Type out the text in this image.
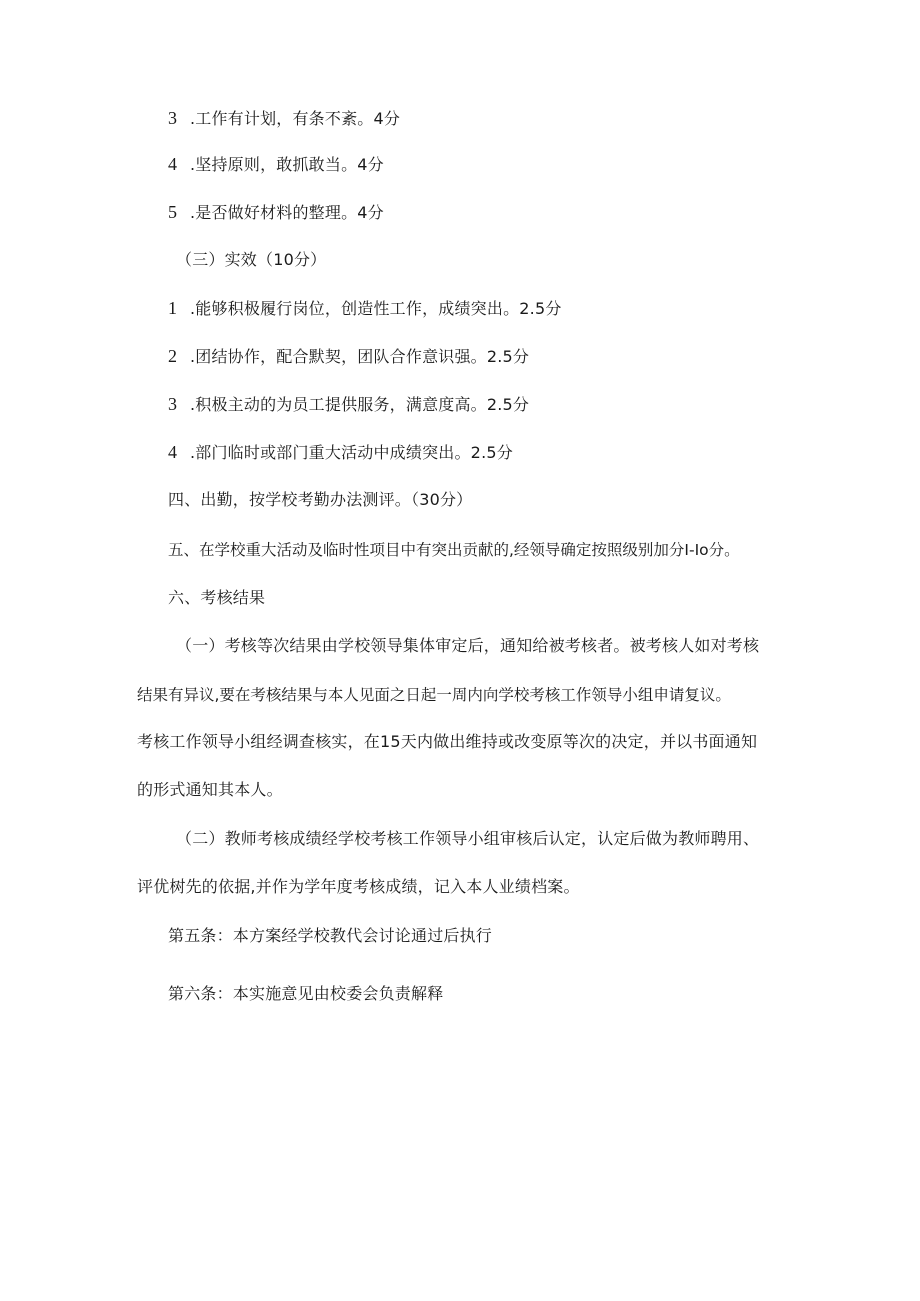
3 .工作有计划，有条不紊。4分
4 .坚持原则，敢抓敢当。4分
5 .是否做好材料的整理。4分
（三）实效（10分）
1 .能够积极履行岗位，创造性工作，成绩突出。2.5分
2 .团结协作，配合默契，团队合作意识强。2.5分
3 .积极主动的为员工提供服务，满意度高。2.5分
4 .部门临时或部门重大活动中成绩突出。2.5分
四、出勤，按学校考勤办法测评。（30分）
五、在学校重大活动及临时性项目中有突出贡献的,经领导确定按照级别加分I-Io分。
六、考核结果
（一）考核等次结果由学校领导集体审定后，通知给被考核者。被考核人如对考核
结果有异议,要在考核结果与本人见面之日起一周内向学校考核工作领导小组申请复议。
考核工作领导小组经调查核实，在15天内做出维持或改变原等次的决定，并以书面通知
的形式通知其本人。
（二）教师考核成绩经学校考核工作领导小组审核后认定，认定后做为教师聘用、
评优树先的依据,并作为学年度考核成绩，记入本人业绩档案。
第五条：本方案经学校教代会讨论通过后执行
第六条：本实施意见由校委会负责解释
